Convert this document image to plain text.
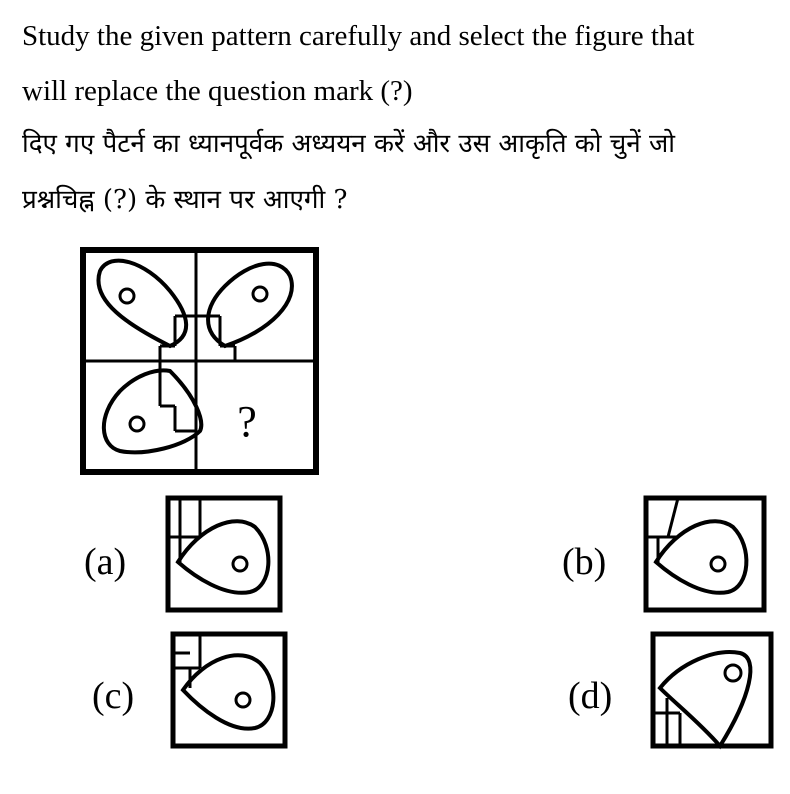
Study the given pattern carefully and select the figure that
will replace the question mark (?)
दिए गए पैटर्न का ध्यानपूर्वक अध्ययन करें और उस आकृति को चुनें जो
प्रश्नचिह्न (?) के स्थान पर आएगी ?
?
(a)	(b)
(c)	(d)
